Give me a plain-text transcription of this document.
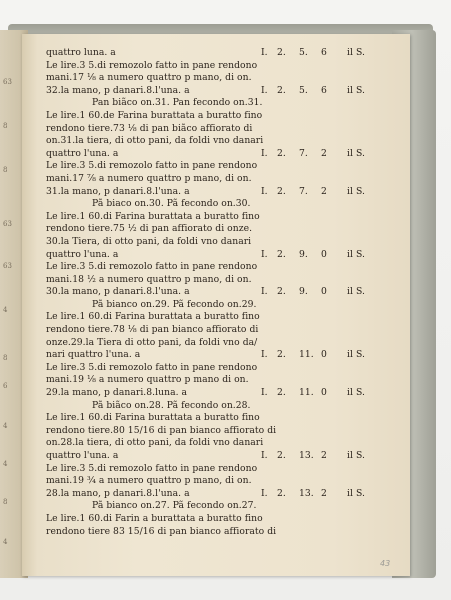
63
8
8
63
63
4
8
6
4
4
8
4
quattro luna. a	I. 2. 5. 6 il S.
Le lire.3 5.di remozolo fatto in pane rendono
mani.17 ⅛ a numero quattro p mano, di on.
32.la mano, p danari.8.l'una. a	I. 2. 5. 6 il S.
Pan biãco on.31. Pan fecondo on.31.
Le lire.1 60.de Farina burattata a buratto fino
rendono tiere.73 ⅛ di pan biãco affiorato di
on.31.la tiera, di otto pani, da foldi vno danari
quattro l'una. a	I. 2. 7. 2 il S.
Le lire.3 5.di remozolo fatto in pane rendono
mani.17 ⅞ a numero quattro p mano, di on.
31.la mano, p danari.8.l'una. a	I. 2. 7. 2 il S.
Pã biaco on.30. Pã fecondo on.30.
Le lire.1 60.di Farina burattata a buratto fino
rendono tiere.75 ½ di pan affiorato di onze.
30.la Tiera, di otto pani, da foldi vno danari
quattro l'una. a	I. 2. 9. 0 il S.
Le lire.3 5.di remozolo fatto in pane rendono
mani.18 ½ a numero quattro p mano, di on.
30.la mano, p danari.8.l'una. a	I. 2. 9. 0 il S.
Pã bianco on.29. Pã fecondo on.29.
Le lire.1 60.di Farina burattata a buratto fino
rendono tiere.78 ⅛ di pan bianco affiorato di
onze.29.la Tiera di otto pani, da foldi vno da/
nari quattro l'una. a	I. 2. 11. 0 il S.
Le lire.3 5.di remozolo fatto in pane rendono
mani.19 ⅛ a numero quattro p mano di on.
29.la mano, p danari.8.luna. a	I. 2. 11. 0 il S.
Pã biãco on.28. Pã fecondo on.28.
Le lire.1 60.di Farina burattata a buratto fino
rendono tiere.80 15/16 di pan bianco affiorato di
on.28.la tiera, di otto pani, da foldi vno danari
quattro l'una. a	I. 2. 13. 2 il S.
Le lire.3 5.di remozolo fatto in pane rendono
mani.19 ¾ a numero quattro p mano, di on.
28.la mano, p danari.8.l'una. a	I. 2. 13. 2 il S.
Pã bianco on.27. Pã fecondo on.27.
Le lire.1 60.di Farin a burattata a buratto fino
rendono tiere 83 15/16 di pan bianco affiorato di
43
